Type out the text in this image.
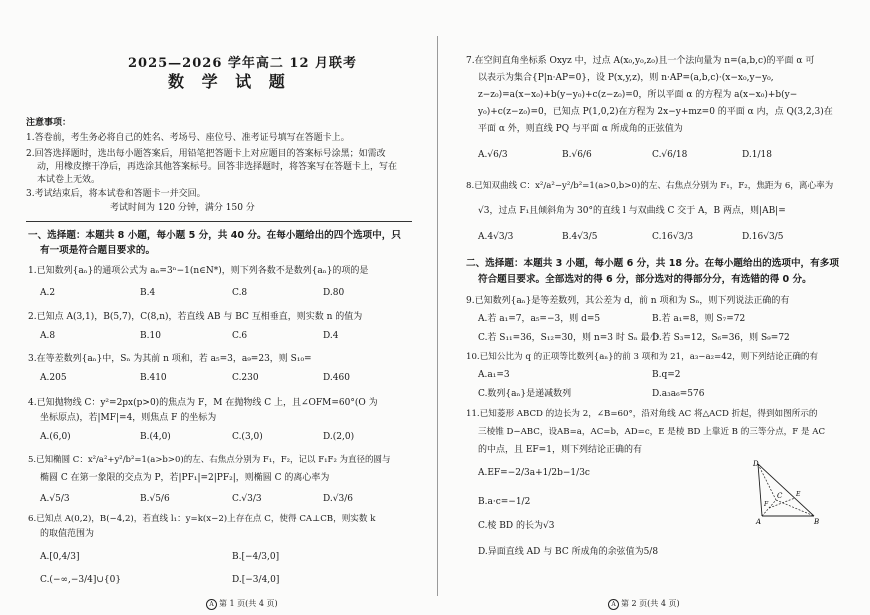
2025—2026 学年高二 12 月联考
数 学 试 题
注意事项：
1.答卷前，考生务必将自己的姓名、考场号、座位号、准考证号填写在答题卡上。
2.回答选择题时，选出每小题答案后，用铅笔把答题卡上对应题目的答案标号涂黑；如需改
动，用橡皮擦干净后，再选涂其他答案标号。回答非选择题时，将答案写在答题卡上，写在
本试卷上无效。
3.考试结束后，将本试卷和答题卡一并交回。
考试时间为 120 分钟，满分 150 分
一、选择题：本题共 8 小题，每小题 5 分，共 40 分。在每小题给出的四个选项中，只
有一项是符合题目要求的。
1.已知数列{aₙ}的通项公式为 aₙ=3ⁿ−1(n∈N*)，则下列各数不是数列{aₙ}的项的是
A.2	B.4	C.8	D.80
2.已知点 A(3,1)，B(5,7)，C(8,n)，若直线 AB 与 BC 互相垂直，则实数 n 的值为
A.8	B.10	C.6	D.4
3.在等差数列{aₙ}中，Sₙ 为其前 n 项和，若 a₅=3，a₉=23，则 S₁₀=
A.205	B.410	C.230	D.460
4.已知抛物线 C：y²=2px(p>0)的焦点为 F，M 在抛物线 C 上，且∠OFM=60°(O 为
坐标原点)，若|MF|=4，则焦点 F 的坐标为
A.(6,0)	B.(4,0)	C.(3,0)	D.(2,0)
5.已知椭圆 C：x²/a²+y²/b²=1(a>b>0)的左、右焦点分别为 F₁，F₂，记以 F₁F₂ 为直径的圆与
椭圆 C 在第一象限的交点为 P，若|PF₁|=2|PF₂|，则椭圆 C 的离心率为
A.√5/3	B.√5/6	C.√3/3	D.√3/6
6.已知点 A(0,2)，B(−4,2)，若直线 l₁：y=k(x−2)上存在点 C，使得 CA⊥CB，则实数 k
的取值范围为
A.[0,4/3]	B.[−4/3,0]
C.(−∞,−3/4]∪{0}	D.[−3/4,0]
A 第 1 页(共 4 页)
7.在空间直角坐标系 Oxyz 中，过点 A(x₀,y₀,z₀)且一个法向量为 n=(a,b,c)的平面 α 可
以表示为集合{P|n·AP=0}，设 P(x,y,z)，则 n·AP=(a,b,c)·(x−x₀,y−y₀,
z−z₀)=a(x−x₀)+b(y−y₀)+c(z−z₀)=0，所以平面 α 的方程为 a(x−x₀)+b(y−
y₀)+c(z−z₀)=0，已知点 P(1,0,2)在方程为 2x−y+mz=0 的平面 α 内，点 Q(3,2,3)在
平面 α 外，则直线 PQ 与平面 α 所成角的正弦值为
A.√6/3	B.√6/6	C.√6/18	D.1/18
8.已知双曲线 C：x²/a²−y²/b²=1(a>0,b>0)的左、右焦点分别为 F₁，F₂，焦距为 6，离心率为
√3，过点 F₁且倾斜角为 30°的直线 l 与双曲线 C 交于 A，B 两点，则|AB|=
A.4√3/3	B.4√3/5	C.16√3/3	D.16√3/5
二、选择题：本题共 3 小题，每小题 6 分，共 18 分。在每小题给出的选项中，有多项
符合题目要求。全部选对的得 6 分，部分选对的得部分分，有选错的得 0 分。
9.已知数列{aₙ}是等差数列，其公差为 d，前 n 项和为 Sₙ，则下列说法正确的有
A.若 a₁=7，a₅=−3，则 d=5	B.若 a₁=8，则 S₇=72
C.若 S₁₁=36，S₁₂=30，则 n=3 时 Sₙ 最小
D.若 S₃=12，S₆=36，则 S₉=72
10.已知公比为 q 的正项等比数列{aₙ}的前 3 项和为 21，a₃−a₂=42，则下列结论正确的有
A.a₁=3	B.q=2
C.数列{aₙ}是递减数列	D.a₃a₆=576
11.已知菱形 ABCD 的边长为 2，∠B=60°，沿对角线 AC 将△ACD 折起，得到如图所示的
三棱锥 D−ABC，设AB=a，AC=b，AD=c，E 是棱 BD 上靠近 B 的三等分点，F 是 AC
的中点，且 EF=1，则下列结论正确的有
A.EF=−2/3a+1/2b−1/3c
B.a·c=−1/2
C.棱 BD 的长为√3
D.异面直线 AD 与 BC 所成角的余弦值为5/8
D
C
F
E
A	B
A 第 2 页(共 4 页)
